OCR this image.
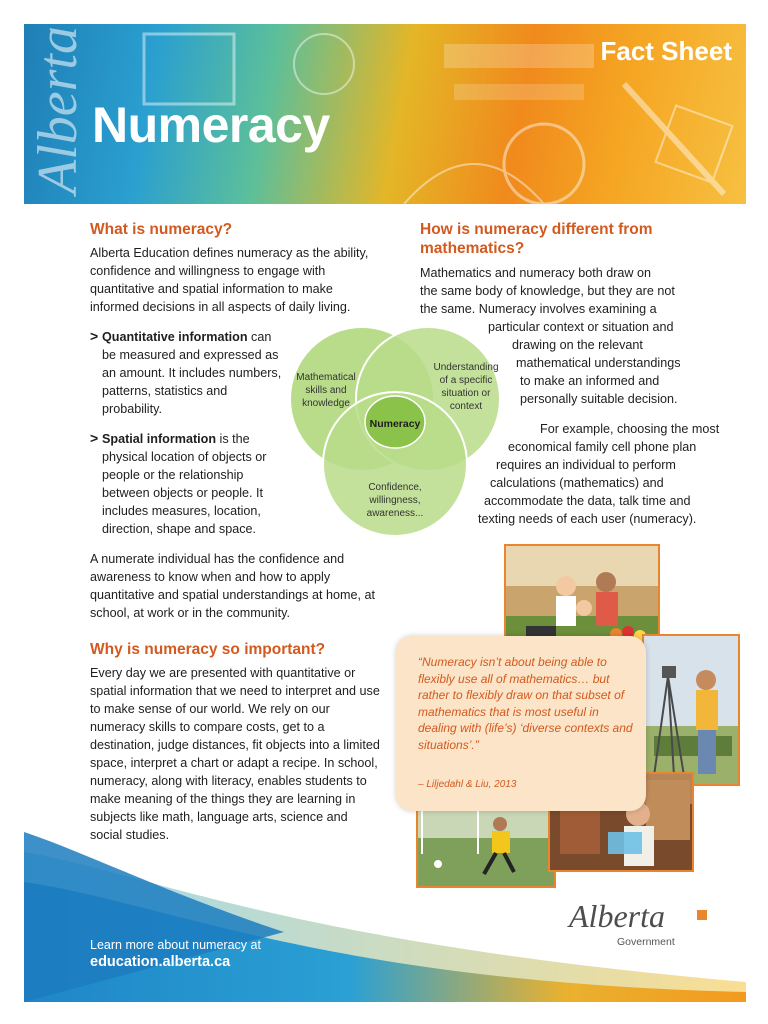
Alberta	Fact Sheet
Numeracy
What is numeracy?

Alberta Education defines numeracy as the ability, confidence and willingness to engage with quantitative and spatial information to make informed decisions in all aspects of daily living.

> Quantitative information can be measured and expressed as an amount. It includes numbers, patterns, statistics and probability.

> Spatial information is the physical location of objects or people or the relationship between objects or people. It includes measures, location, direction, shape and space.

A numerate individual has the confidence and awareness to know when and how to apply quantitative and spatial understandings at home, at school, at work or in the community.

Why is numeracy so important?

Every day we are presented with quantitative or spatial information that we need to interpret and use to make sense of our world. We rely on our numeracy skills to compare costs, get to a destination, judge distances, fit objects into a limited space, interpret a chart or adapt a recipe. In school, numeracy, along with literacy, enables students to make meaning of the things they are learning in subjects like math, language arts, science and social studies.

Numeracy
Mathematical
skills and
knowledge
Understanding
of a specific
situation or
context
Confidence,
willingness,
awareness...
How is numeracy different from mathematics?

Mathematics and numeracy both draw on

the same body of knowledge, but they are not

the same. Numeracy involves examining a

particular context or situation and

drawing on the relevant

mathematical understandings

to make an informed and

personally suitable decision.

For example, choosing the most

economical family cell phone plan

requires an individual to perform

calculations (mathematics) and

accommodate the data, talk time and

texting needs of each user (numeracy).

“Numeracy isn’t about being able to flexibly use all of mathematics… but rather to flexibly draw on that subset of mathematics that is most useful in dealing with (life’s) ‘diverse contexts and situations’.”

– Liljedahl & Liu, 2013
Learn more about numeracy at
education.alberta.ca
Alberta
Government
